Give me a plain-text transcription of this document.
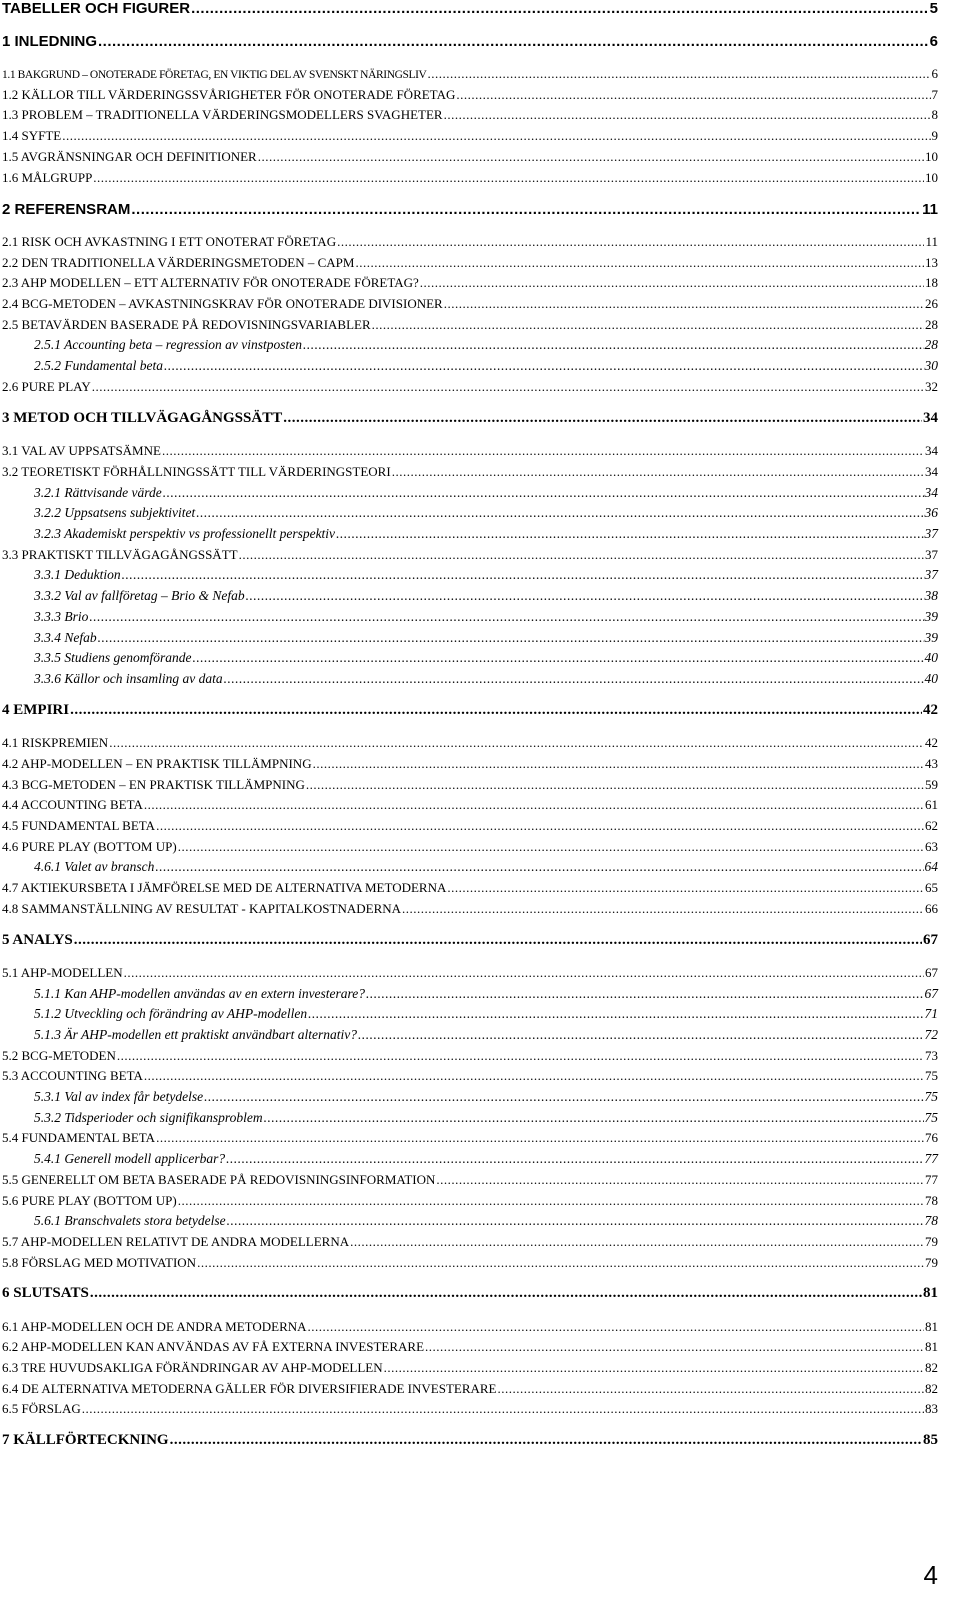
TABELLER OCH FIGURER .....	5
1 INLEDNING .....	6
1.1 BAKGRUND – ONOTERADE FÖRETAG, EN VIKTIG DEL AV SVENSKT NÄRINGSLIV .....	6
1.2 KÄLLOR TILL VÄRDERINGSSVÅRIGHETER FÖR ONOTERADE FÖRETAG .....	7
1.3 PROBLEM – TRADITIONELLA VÄRDERINGSMODELLERS SVAGHETER .....	8
1.4 SYFTE .....	9
1.5 AVGRÄNSNINGAR OCH DEFINITIONER .....	10
1.6 MÅLGRUPP .....	10
2 REFERENSRAM .....	11
2.1 RISK OCH AVKASTNING I ETT ONOTERAT FÖRETAG .....	11
2.2 DEN TRADITIONELLA VÄRDERINGSMETODEN – CAPM .....	13
2.3 AHP MODELLEN – ETT ALTERNATIV FÖR ONOTERADE FÖRETAG? .....	18
2.4 BCG-METODEN – AVKASTNINGSKRAV FÖR ONOTERADE DIVISIONER .....	26
2.5 BETAVÄRDEN BASERADE PÅ REDOVISNINGSVARIABLER .....	28
2.5.1 Accounting beta – regression av vinstposten .....	28
2.5.2 Fundamental beta .....	30
2.6 PURE PLAY .....	32
3 METOD OCH TILLVÄGAGÅNGSSÄTT .....	34
3.1 VAL AV UPPSATSÄMNE .....	34
3.2 TEORETISKT FÖRHÅLLNINGSSÄTT TILL VÄRDERINGSTEORI .....	34
3.2.1 Rättvisande värde .....	34
3.2.2 Uppsatsens subjektivitet .....	36
3.2.3 Akademiskt perspektiv vs professionellt perspektiv .....	37
3.3 PRAKTISKT TILLVÄGAGÅNGSSÄTT .....	37
3.3.1 Deduktion .....	37
3.3.2 Val av fallföretag – Brio & Nefab .....	38
3.3.3 Brio .....	39
3.3.4 Nefab .....	39
3.3.5 Studiens genomförande .....	40
3.3.6 Källor och insamling av data .....	40
4 EMPIRI .....	42
4.1 RISKPREMIEN .....	42
4.2 AHP-MODELLEN – EN PRAKTISK TILLÄMPNING .....	43
4.3 BCG-METODEN – EN PRAKTISK TILLÄMPNING .....	59
4.4 ACCOUNTING BETA .....	61
4.5 FUNDAMENTAL BETA .....	62
4.6 PURE PLAY (BOTTOM UP) .....	63
4.6.1 Valet av bransch .....	64
4.7 AKTIEKURSBETA I JÄMFÖRELSE MED DE ALTERNATIVA METODERNA .....	65
4.8 SAMMANSTÄLLNING AV RESULTAT - KAPITALKOSTNADERNA .....	66
5 ANALYS .....	67
5.1 AHP-MODELLEN .....	67
5.1.1 Kan AHP-modellen användas av en extern investerare? .....	67
5.1.2 Utveckling och förändring av AHP-modellen .....	71
5.1.3 Är AHP-modellen ett praktiskt användbart alternativ? .....	72
5.2 BCG-METODEN .....	73
5.3 ACCOUNTING BETA .....	75
5.3.1 Val av index får betydelse .....	75
5.3.2 Tidsperioder och signifikansproblem .....	75
5.4 FUNDAMENTAL BETA .....	76
5.4.1 Generell modell applicerbar? .....	77
5.5 GENERELLT OM BETA BASERADE PÅ REDOVISNINGSINFORMATION .....	77
5.6 PURE PLAY (BOTTOM UP) .....	78
5.6.1 Branschvalets stora betydelse .....	78
5.7 AHP-MODELLEN RELATIVT DE ANDRA MODELLERNA .....	79
5.8 FÖRSLAG MED MOTIVATION .....	79
6 SLUTSATS .....	81
6.1 AHP-MODELLEN OCH DE ANDRA METODERNA .....	81
6.2 AHP-MODELLEN KAN ANVÄNDAS AV FÅ EXTERNA INVESTERARE .....	81
6.3 TRE HUVUDSAKLIGA FÖRÄNDRINGAR AV AHP-MODELLEN .....	82
6.4 DE ALTERNATIVA METODERNA GÄLLER FÖR DIVERSIFIERADE INVESTERARE .....	82
6.5 FÖRSLAG .....	83
7 KÄLLFÖRTECKNING .....	85
4
